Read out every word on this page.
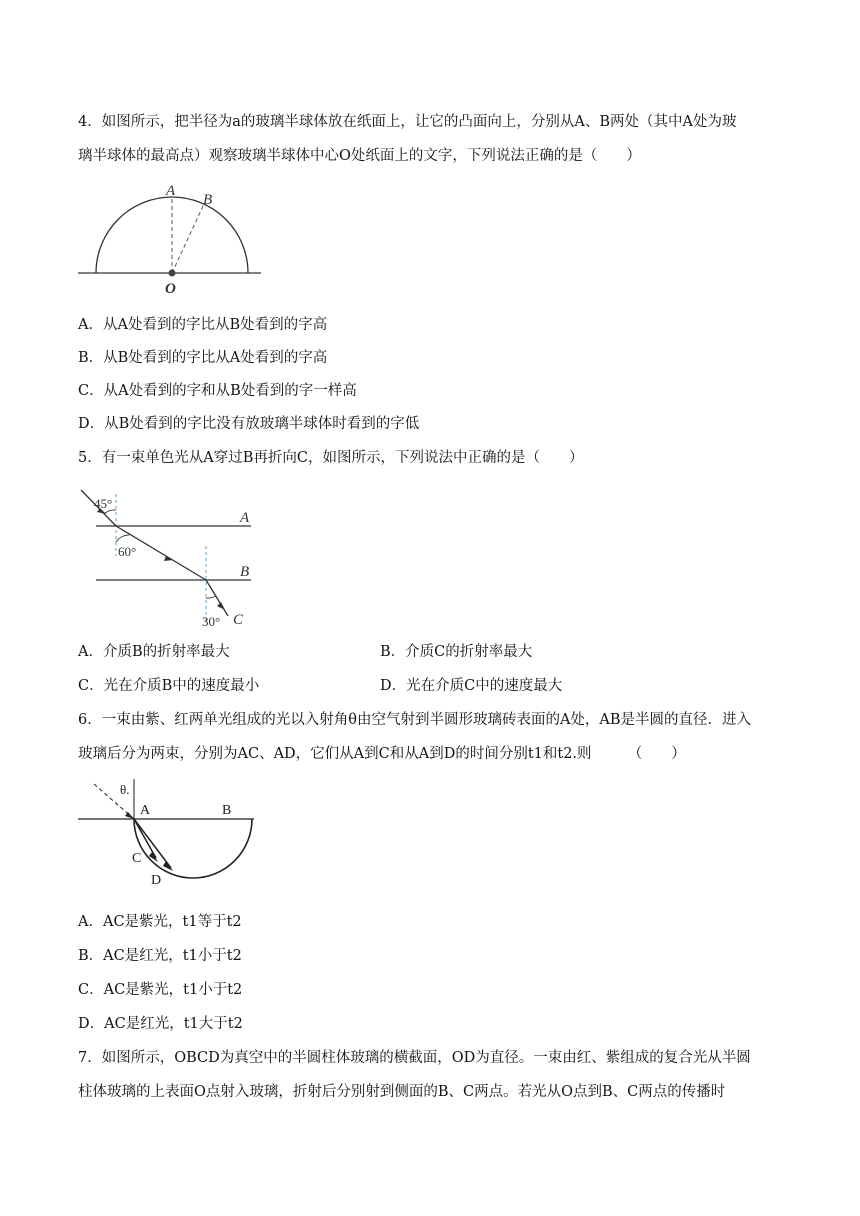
4．如图所示，把半径为a的玻璃半球体放在纸面上，让它的凸面向上，分别从A、B两处（其中A处为玻
璃半球体的最高点）观察玻璃半球体中心O处纸面上的文字，下列说法正确的是（　　）
A
B
O
A．从A处看到的字比从B处看到的字高
B．从B处看到的字比从A处看到的字高
C．从A处看到的字和从B处看到的字一样高
D．从B处看到的字比没有放玻璃半球体时看到的字低
5．有一束单色光从A穿过B再折向C，如图所示，下列说法中正确的是（　　）
45°
60°
30°
A
B
C
A．介质B的折射率最大	B．介质C的折射率最大
C．光在介质B中的速度最小	D．光在介质C中的速度最大
6．一束由紫、红两单光组成的光以入射角θ由空气射到半圆形玻璃砖表面的A处，AB是半圆的直径．进入
玻璃后分为两束，分别为AC、AD，它们从A到C和从A到D的时间分别t1和t2.则　　　（　　）
θ.
A	B
C
D
A．AC是紫光，t1等于t2
B．AC是红光，t1小于t2
C．AC是紫光，t1小于t2
D．AC是红光，t1大于t2
7．如图所示，OBCD为真空中的半圆柱体玻璃的横截面，OD为直径。一束由红、紫组成的复合光从半圆
柱体玻璃的上表面O点射入玻璃，折射后分别射到侧面的B、C两点。若光从O点到B、C两点的传播时
